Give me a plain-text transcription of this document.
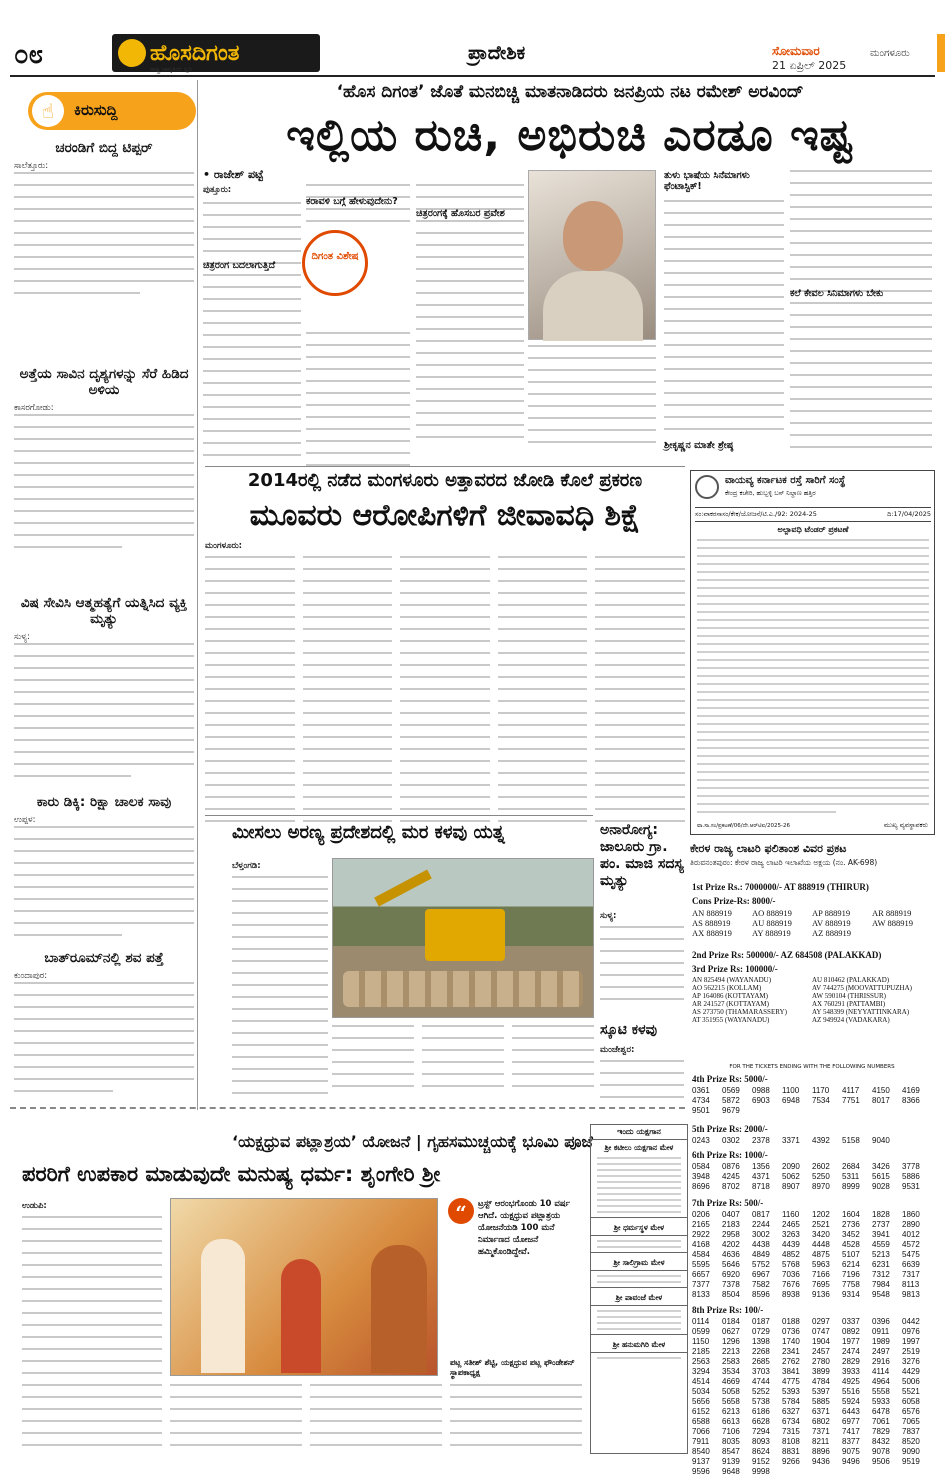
೦೮	ಹೊಸದಿಗಂತ
ರಾಷ್ಟ್ರ ಜಾಗೃತಿಯ ಧ್ವನಿ
ಪ್ರಾದೇಶಿಕ	ಸೋಮವಾರ
21 ಏಪ್ರಿಲ್ 2025
ಮಂಗಳೂರು
☝	ಕಿರುಸುದ್ದಿ
ಚರಂಡಿಗೆ ಬಿದ್ದ ಟಿಪ್ಪರ್

ಸಾಲೆತ್ತೂರು:

ಅತ್ತೆಯ ಸಾವಿನ ದೃಶ್ಯಗಳನ್ನು ಸೆರೆ ಹಿಡಿದ ಅಳಿಯ

ಕಾಸರಗೋಡು:

ವಿಷ ಸೇವಿಸಿ ಆತ್ಮಹತ್ಯೆಗೆ ಯತ್ನಿಸಿದ ವ್ಯಕ್ತಿ ಮೃತ್ಯು

ಸುಳ್ಯ:

ಕಾರು ಡಿಕ್ಕಿ: ರಿಕ್ಷಾ ಚಾಲಕ ಸಾವು

ಉಪ್ಪಳ:

ಬಾತ್‌ರೂಮ್‌ನಲ್ಲಿ ಶವ ಪತ್ತೆ

ಕುಂದಾಪುರ:

‘ಹೊಸ ದಿಗಂತ’ ಜೊತೆ ಮನಬಿಚ್ಚಿ ಮಾತನಾಡಿದರು ಜನಪ್ರಿಯ ನಟ ರಮೇಶ್ ಅರವಿಂದ್
ಇಲ್ಲಿಯ ರುಚಿ, ಅಭಿರುಚಿ ಎರಡೂ ಇಷ್ಟ
• ರಾಜೇಶ್ ಪಟ್ಟೆ
ಪುತ್ತೂರು:
ಚಿತ್ರರಂಗ ಬದಲಾಗುತ್ತಿದೆ
ದಿಗಂತ ವಿಶೇಷ
ಚಿತ್ರರಂಗಕ್ಕೆ ಹೊಸಬರ ಪ್ರವೇಶ
ಕರಾವಳಿ ಬಗ್ಗೆ ಹೇಳುವುದೇನು?
ತುಳು ಭಾಷೆಯ ಸಿನೆಮಾಗಳು ಫೆಂಟಾಸ್ಟಿಕ್!
ಶ್ರೀಕೃಷ್ಣನ ಮಾತೇ ಶ್ರೇಷ್ಠ
ಕಲೆ ಕೇವಲ ಸಿನಿಮಾಗಳು ಬೇಕು
2014ರಲ್ಲಿ ನಡೆದ ಮಂಗಳೂರು ಅತ್ತಾವರದ ಜೋಡಿ ಕೊಲೆ ಪ್ರಕರಣ
ಮೂವರು ಆರೋಪಿಗಳಿಗೆ ಜೀವಾವಧಿ ಶಿಕ್ಷೆ
ಮಂಗಳೂರು:
ವಾಯವ್ಯ ಕರ್ನಾಟಕ ರಸ್ತೆ ಸಾರಿಗೆ ಸಂಸ್ಥೆ
ಕೇಂದ್ರ ಕಚೇರಿ, ಹುಬ್ಬಳ್ಳಿ ಬಸ್ ನಿಲ್ದಾಣ ಹತ್ತಿರ
ಸಂ:ವಾಕರಸಾಸಂ/ಕೇಕ/ಯೋಜನೆ/ಟಿ.ಎ./92: 2024-25	ದಿ:17/04/2025
ಅಲ್ಪಾವಧಿ ಟೆಂಡರ್ ಪ್ರಕಟಣೆ
ವಾ.ಸಾ.ಸಂ/ಪ್ರಕಟಣೆ/06/ದೇ.ಆರ್‌ಟಿಐ/2025-26	ಮುಖ್ಯ ವ್ಯವಸ್ಥಾಪಕರು
ಕೇರಳ ರಾಜ್ಯ ಲಾಟರಿ ಫಲಿತಾಂಶ ವಿವರ ಪ್ರಕಟ
ತಿರುವನಂತಪುರಂ: ಕೇರಳ ರಾಜ್ಯ ಲಾಟರಿ ಇಲಾಖೆಯ ಅಕ್ಷಯ (ನಂ. AK-698)
1st Prize Rs.: 7000000/- AT 888919 (THIRUR)
Cons Prize-Rs: 8000/-
AN 888919	AO 888919	AP 888919	AR 888919
AS 888919	AU 888919	AV 888919	AW 888919
AX 888919	AY 888919	AZ 888919
2nd Prize Rs: 500000/- AZ 684508 (PALAKKAD)
3rd Prize Rs: 100000/-
AN 825494 (WAYANADU)	AU 810462 (PALAKKAD)
AO 562215 (KOLLAM)	AV 744275 (MOOVATTUPUZHA)
AP 164086 (KOTTAYAM)	AW 590104 (THRISSUR)
AR 241527 (KOTTAYAM)	AX 760291 (PATTAMBI)
AS 273750 (THAMARASSERY)	AY 548399 (NEYYATTINKARA)
AT 351955 (WAYANADU)	AZ 949924 (VADAKARA)
FOR THE TICKETS ENDING WITH THE FOLLOWING NUMBERS
4th Prize Rs: 5000/-
0361	0569	0988	1100	1170	4117	4150	4169
4734	5872	6903	6948	7534	7751	8017	8366
9501	9679
5th Prize Rs: 2000/-
0243	0302	2378	3371	4392	5158	9040
6th Prize Rs: 1000/-
0584	0876	1356	2090	2602	2684	3426	3778
3948	4245	4371	5062	5250	5311	5615	5886
8696	8702	8718	8907	8970	8999	9028	9531
7th Prize Rs: 500/-
0206	0407	0817	1160	1202	1604	1828	1860
2165	2183	2244	2465	2521	2736	2737	2890
2922	2958	3002	3263	3420	3452	3941	4012
4168	4202	4438	4439	4448	4528	4559	4572
4584	4636	4849	4852	4875	5107	5213	5475
5595	5646	5752	5768	5963	6214	6231	6639
6657	6920	6967	7036	7166	7196	7312	7317
7377	7378	7582	7676	7695	7758	7984	8113
8133	8504	8596	8938	9136	9314	9548	9813
8th Prize Rs: 100/-
0114	0184	0187	0188	0297	0337	0396	0442
0599	0627	0729	0736	0747	0892	0911	0976
1150	1296	1398	1740	1904	1977	1989	1997
2185	2213	2268	2341	2457	2474	2497	2519
2563	2583	2685	2762	2780	2829	2916	3276
3294	3534	3703	3841	3899	3933	4114	4429
4514	4669	4744	4775	4784	4925	4964	5006
5034	5058	5252	5393	5397	5516	5558	5521
5656	5658	5738	5784	5885	5924	5933	6058
6152	6213	6186	6327	6371	6443	6478	6576
6588	6613	6628	6734	6802	6977	7061	7065
7066	7106	7294	7315	7371	7417	7829	7837
7911	8035	8093	8108	8211	8377	8432	8520
8540	8547	8624	8831	8896	9075	9078	9090
9137	9139	9152	9266	9436	9496	9506	9519
9596	9648	9998
ಮೀಸಲು ಅರಣ್ಯ ಪ್ರದೇಶದಲ್ಲಿ ಮರ ಕಳವು ಯತ್ನ
ಬೆಳ್ತಂಗಡಿ:
ಅನಾರೋಗ್ಯ: ಜಾಲೂರು ಗ್ರಾ. ಪಂ. ಮಾಜಿ ಸದಸ್ಯ ಮೃತ್ಯು
ಸುಳ್ಯ:
ಸ್ಕೂಟಿ ಕಳವು
ಮಂಜೇಶ್ವರ:
‘ಯಕ್ಷಧ್ರುವ ಪಟ್ಲಾಶ್ರಯ’ ಯೋಜನೆ | ಗೃಹಸಮುಚ್ಚಯಕ್ಕೆ ಭೂಮಿ ಪೂಜೆ
ಪರರಿಗೆ ಉಪಕಾರ ಮಾಡುವುದೇ ಮನುಷ್ಯ ಧರ್ಮ: ಶೃಂಗೇರಿ ಶ್ರೀ
ಉಡುಪಿ:	“	ಟ್ರಸ್ಟ್ ಆರಂಭಗೊಂಡು 10 ವರ್ಷ ಆಗಿದೆ. ಯಕ್ಷಧ್ರುವ ಪಟ್ಲಾಶ್ರಯ ಯೋಜನೆಯಡಿ 100 ಮನೆ ನಿರ್ಮಾಣದ ಯೋಜನೆ ಹಮ್ಮಿಕೊಂಡಿದ್ದೇವೆ.

ಪಟ್ಲ ಸತೀಶ್ ಶೆಟ್ಟಿ, ಯಕ್ಷಧ್ರುವ ಪಟ್ಲ ಫೌಂಡೇಶನ್ ಸ್ಥಾಪಕಾಧ್ಯಕ್ಷ
ಇಂದು ಯಕ್ಷಗಾನ
ಶ್ರೀ ಕಟೀಲು ಯಕ್ಷಗಾನ ಮೇಳ
ಶ್ರೀ ಧರ್ಮಸ್ಥಳ ಮೇಳ
ಶ್ರೀ ಸಾಲಿಗ್ರಾಮ ಮೇಳ
ಶ್ರೀ ಪಾವಂಜೆ ಮೇಳ
ಶ್ರೀ ಹನುಮಗಿರಿ ಮೇಳ
